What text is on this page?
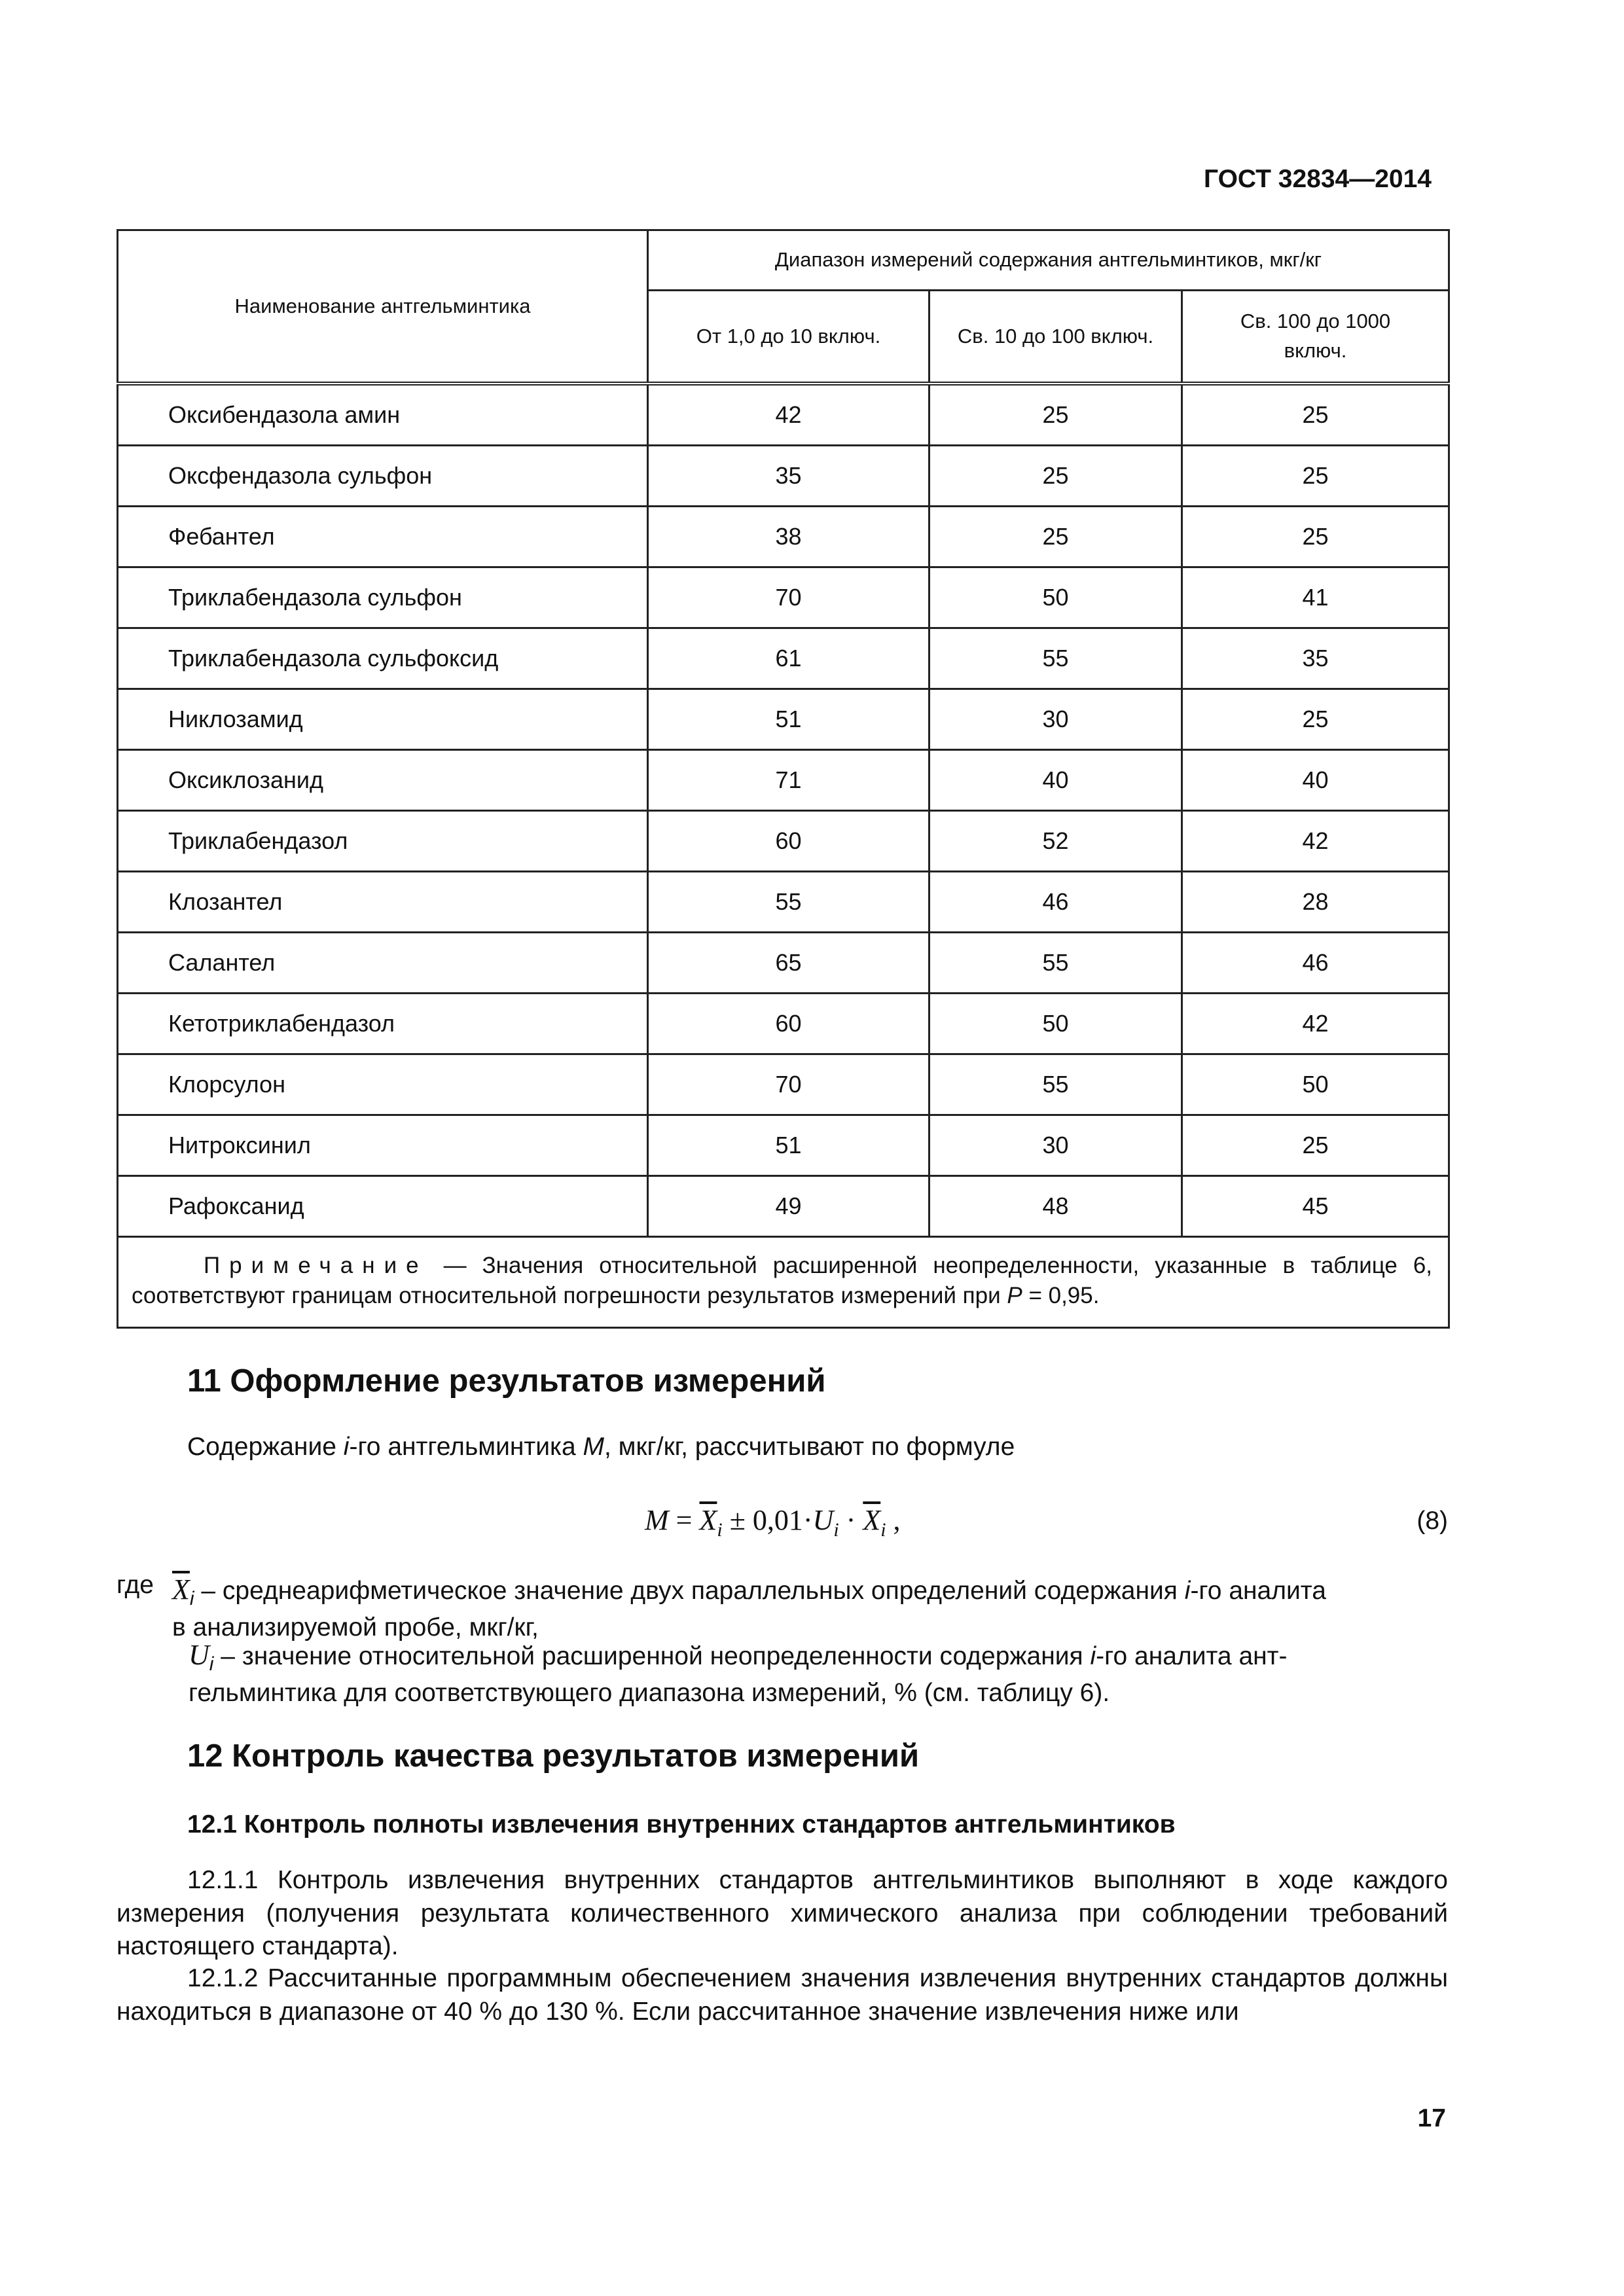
ГОСТ 32834—2014
Наименование антгельминтика	Диапазон измерений содержания антгельминтиков, мкг/кг		
	От 1,0 до 10 включ.	Св. 10 до 100 включ.	Св. 100 до 1000 включ.
Оксибендазола амин	42	25	25
Оксфендазола сульфон	35	25	25
Фебантел	38	25	25
Триклабендазола сульфон	70	50	41
Триклабендазола сульфоксид	61	55	35
Никлозамид	51	30	25
Оксиклозанид	71	40	40
Триклабендазол	60	52	42
Клозантел	55	46	28
Салантел	65	55	46
Кетотриклабендазол	60	50	42
Клорсулон	70	55	50
Нитроксинил	51	30	25
Рафоксанид	49	48	45
Примечание — Значения относительной расширенной неопределенности, указанные в таблице 6, соответствуют границам относительной погрешности результатов измерений при P = 0,95.			
11 Оформление результатов измерений
Содержание i-го антгельминтика M, мкг/кг, рассчитывают по формуле
$M = \overline{X}_i \pm 0,01\cdot U_i \cdot \overline{X}_i$ ,	(8)
где $\overline{X}_i$ – среднеарифметическое значение двух параллельных определений содержания i-го аналита
в анализируемой пробе, мкг/кг,
$U_i$ – значение относительной расширенной неопределенности содержания i-го аналита ант-
гельминтика для соответствующего диапазона измерений, % (см. таблицу 6).
12 Контроль качества результатов измерений
12.1 Контроль полноты извлечения внутренних стандартов антгельминтиков
12.1.1 Контроль извлечения внутренних стандартов антгельминтиков выполняют в ходе каждого измерения (получения результата количественного химического анализа при соблюдении требований настоящего стандарта).
12.1.2 Рассчитанные программным обеспечением значения извлечения внутренних стандартов должны находиться в диапазоне от 40 % до 130 %. Если рассчитанное значение извлечения ниже или
17
